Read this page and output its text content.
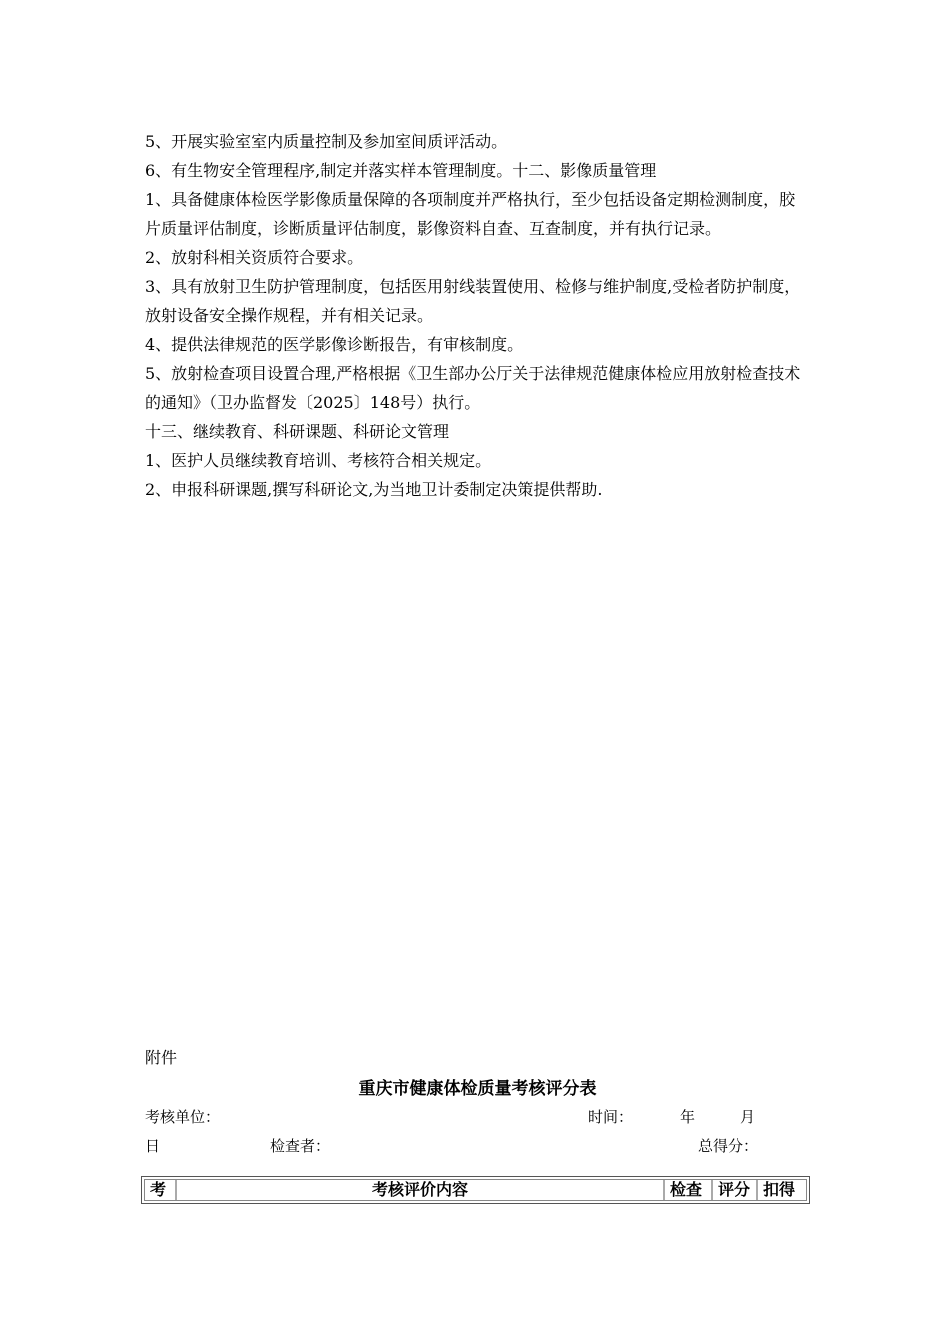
5、开展实验室室内质量控制及参加室间质评活动。

6、有生物安全管理程序,制定并落实样本管理制度。十二、影像质量管理

1、具备健康体检医学影像质量保障的各项制度并严格执行，至少包括设备定期检测制度，胶片质量评估制度，诊断质量评估制度，影像资料自查、互查制度，并有执行记录。

2、放射科相关资质符合要求。

3、具有放射卫生防护管理制度，包括医用射线装置使用、检修与维护制度,受检者防护制度，放射设备安全操作规程，并有相关记录。

4、提供法律规范的医学影像诊断报告，有审核制度。

5、放射检查项目设置合理,严格根据《卫生部办公厅关于法律规范健康体检应用放射检查技术的通知》（卫办监督发〔2025〕148号）执行。

十三、继续教育、科研课题、科研论文管理

1、医护人员继续教育培训、考核符合相关规定。

2、申报科研课题,撰写科研论文,为当地卫计委制定决策提供帮助.

附件
重庆市健康体检质量考核评分表
考核单位：	时间：	年	月
日	检查者：	总得分：
考	考核评价内容	检查 评分 扣得
